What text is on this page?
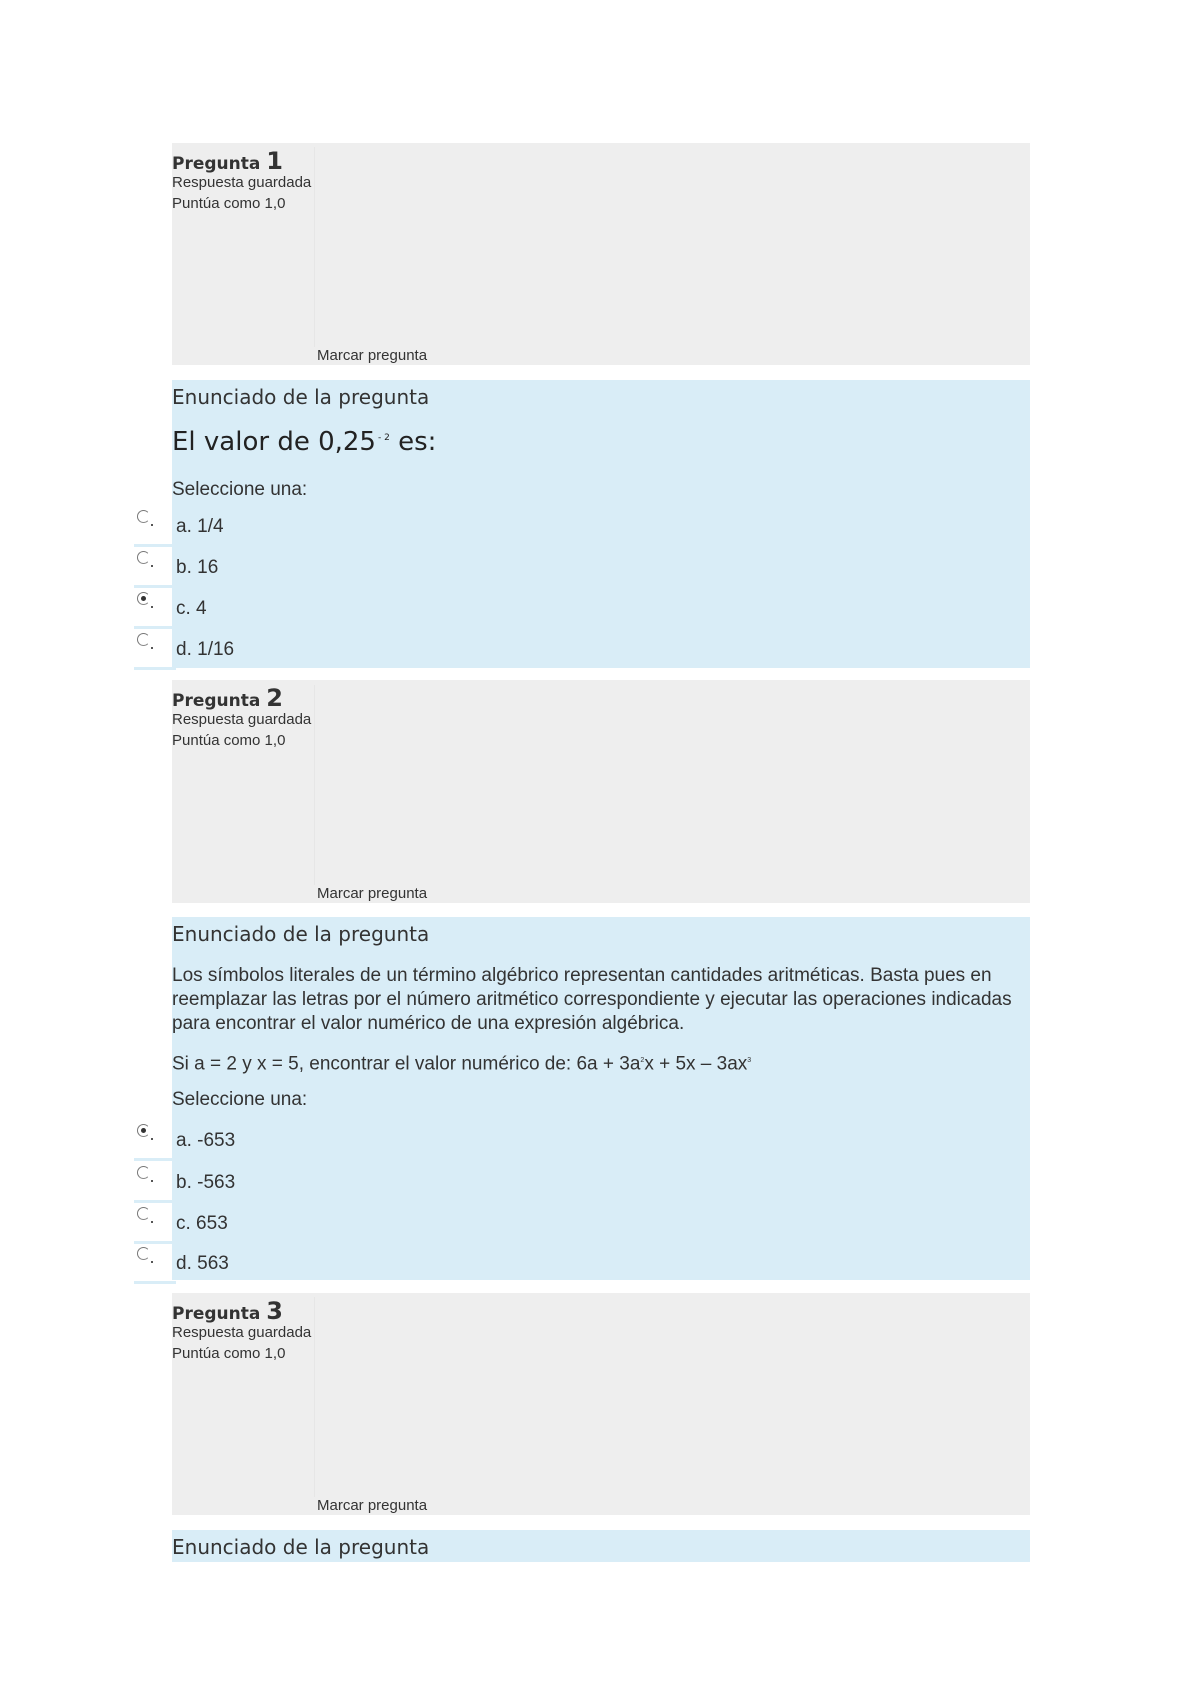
Pregunta 1
Respuesta guardada
Puntúa como 1,0
Marcar pregunta
Enunciado de la pregunta
El valor de 0,25 $^{- 2}$ es:
Seleccione una:
a. 1/4
b. 16
c. 4
d. 1/16
Pregunta 2
Respuesta guardada
Puntúa como 1,0
Marcar pregunta
Enunciado de la pregunta
Los símbolos literales de un término algébrico representan cantidades aritméticas. Basta pues en reemplazar las letras por el número aritmético correspondiente y ejecutar las operaciones indicadas para encontrar el valor numérico de una expresión algébrica.
Si a = 2 y x = 5, encontrar el valor numérico de: $6a + 3a^2x + 5x - 3ax^3$
Seleccione una:
a. -653
b. -563
c. 653
d. 563
Pregunta 3
Respuesta guardada
Puntúa como 1,0
Marcar pregunta
Enunciado de la pregunta
